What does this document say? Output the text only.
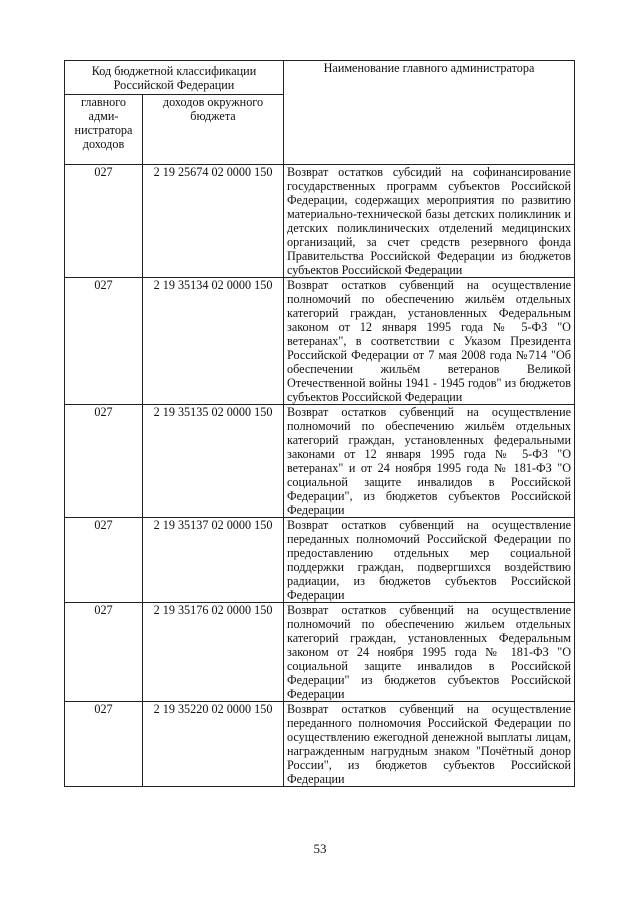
Код бюджетной классификации Российской Федерации		Наименование главного администратора
главного адми-нистратора доходов	доходов окружного бюджета	
027	2 19 25674 02 0000 150	Возврат остатков субсидий на софинансирование государственных программ субъектов Российской Федерации, содержащих мероприятия по развитию материально-технической базы детских поликлиник и детских поликлинических отделений медицинских организаций, за счет средств резервного фонда Правительства Российской Федерации из бюджетов субъектов Российской Федерации
027	2 19 35134 02 0000 150	Возврат остатков субвенций на осуществление полномочий по обеспечению жильём отдельных категорий граждан, установленных Федеральным законом от 12 января 1995 года № 5-ФЗ "О ветеранах", в соответствии с Указом Президента Российской Федерации от 7 мая 2008 года №714 "Об обеспечении жильём ветеранов Великой Отечественной войны 1941 - 1945 годов" из бюджетов субъектов Российской Федерации
027	2 19 35135 02 0000 150	Возврат остатков субвенций на осуществление полномочий по обеспечению жильём отдельных категорий граждан, установленных федеральными законами от 12 января 1995 года № 5-ФЗ "О ветеранах" и от 24 ноября 1995 года № 181-ФЗ "О социальной защите инвалидов в Российской Федерации", из бюджетов субъектов Российской Федерации
027	2 19 35137 02 0000 150	Возврат остатков субвенций на осуществление переданных полномочий Российской Федерации по предоставлению отдельных мер социальной поддержки граждан, подвергшихся воздействию радиации, из бюджетов субъектов Российской Федерации
027	2 19 35176 02 0000 150	Возврат остатков субвенций на осуществление полномочий по обеспечению жильем отдельных категорий граждан, установленных Федеральным законом от 24 ноября 1995 года № 181-ФЗ "О социальной защите инвалидов в Российской Федерации" из бюджетов субъектов Российской Федерации
027	2 19 35220 02 0000 150	Возврат остатков субвенций на осуществление переданного полномочия Российской Федерации по осуществлению ежегодной денежной выплаты лицам, награжденным нагрудным знаком "Почётный донор России", из бюджетов субъектов Российской Федерации
53
